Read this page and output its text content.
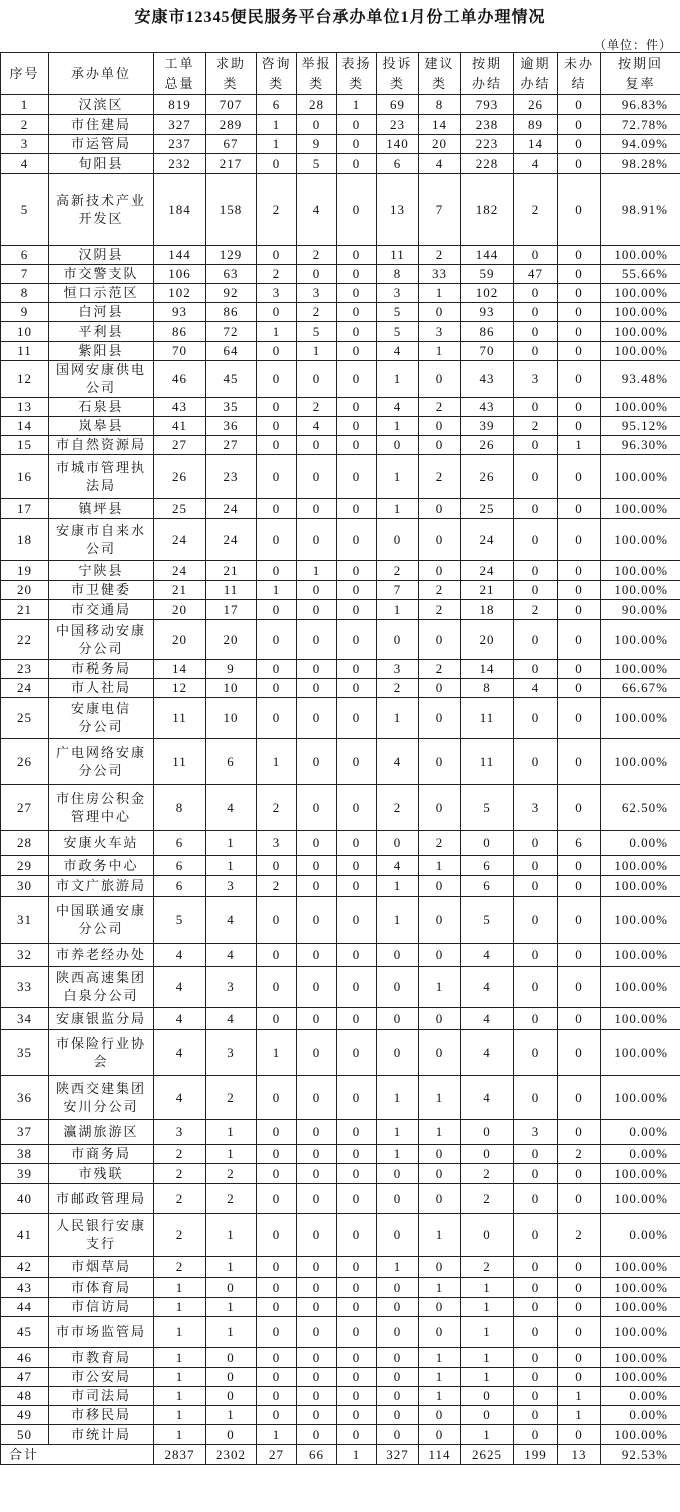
安康市12345便民服务平台承办单位1月份工单办理情况
（单位：件）
序号	承办单位	工单总量	求助类	咨询类	举报类	表扬类	投诉类	建议类	按期办结	逾期办结	未办结	按期回复率
1	汉滨区	819	707	6	28	1	69	8	793	26	0	96.83%
2	市住建局	327	289	1	0	0	23	14	238	89	0	72.78%
3	市运管局	237	67	1	9	0	140	20	223	14	0	94.09%
4	旬阳县	232	217	0	5	0	6	4	228	4	0	98.28%
5	高新技术产业开发区	184	158	2	4	0	13	7	182	2	0	98.91%
6	汉阴县	144	129	0	2	0	11	2	144	0	0	100.00%
7	市交警支队	106	63	2	0	0	8	33	59	47	0	55.66%
8	恒口示范区	102	92	3	3	0	3	1	102	0	0	100.00%
9	白河县	93	86	0	2	0	5	0	93	0	0	100.00%
10	平利县	86	72	1	5	0	5	3	86	0	0	100.00%
11	紫阳县	70	64	0	1	0	4	1	70	0	0	100.00%
12	国网安康供电公司	46	45	0	0	0	1	0	43	3	0	93.48%
13	石泉县	43	35	0	2	0	4	2	43	0	0	100.00%
14	岚皋县	41	36	0	4	0	1	0	39	2	0	95.12%
15	市自然资源局	27	27	0	0	0	0	0	26	0	1	96.30%
16	市城市管理执法局	26	23	0	0	0	1	2	26	0	0	100.00%
17	镇坪县	25	24	0	0	0	1	0	25	0	0	100.00%
18	安康市自来水公司	24	24	0	0	0	0	0	24	0	0	100.00%
19	宁陕县	24	21	0	1	0	2	0	24	0	0	100.00%
20	市卫健委	21	11	1	0	0	7	2	21	0	0	100.00%
21	市交通局	20	17	0	0	0	1	2	18	2	0	90.00%
22	中国移动安康分公司	20	20	0	0	0	0	0	20	0	0	100.00%
23	市税务局	14	9	0	0	0	3	2	14	0	0	100.00%
24	市人社局	12	10	0	0	0	2	0	8	4	0	66.67%
25	安康电信分公司	11	10	0	0	0	1	0	11	0	0	100.00%
26	广电网络安康分公司	11	6	1	0	0	4	0	11	0	0	100.00%
27	市住房公积金管理中心	8	4	2	0	0	2	0	5	3	0	62.50%
28	安康火车站	6	1	3	0	0	0	2	0	0	6	0.00%
29	市政务中心	6	1	0	0	0	4	1	6	0	0	100.00%
30	市文广旅游局	6	3	2	0	0	1	0	6	0	0	100.00%
31	中国联通安康分公司	5	4	0	0	0	1	0	5	0	0	100.00%
32	市养老经办处	4	4	0	0	0	0	0	4	0	0	100.00%
33	陕西高速集团白泉分公司	4	3	0	0	0	0	1	4	0	0	100.00%
34	安康银监分局	4	4	0	0	0	0	0	4	0	0	100.00%
35	市保险行业协会	4	3	1	0	0	0	0	4	0	0	100.00%
36	陕西交建集团安川分公司	4	2	0	0	0	1	1	4	0	0	100.00%
37	瀛湖旅游区	3	1	0	0	0	1	1	0	3	0	0.00%
38	市商务局	2	1	0	0	0	1	0	0	0	2	0.00%
39	市残联	2	2	0	0	0	0	0	2	0	0	100.00%
40	市邮政管理局	2	2	0	0	0	0	0	2	0	0	100.00%
41	人民银行安康支行	2	1	0	0	0	0	1	0	0	2	0.00%
42	市烟草局	2	1	0	0	0	1	0	2	0	0	100.00%
43	市体育局	1	0	0	0	0	0	1	1	0	0	100.00%
44	市信访局	1	1	0	0	0	0	0	1	0	0	100.00%
45	市市场监管局	1	1	0	0	0	0	0	1	0	0	100.00%
46	市教育局	1	0	0	0	0	0	1	1	0	0	100.00%
47	市公安局	1	0	0	0	0	0	1	1	0	0	100.00%
48	市司法局	1	0	0	0	0	0	1	0	0	1	0.00%
49	市移民局	1	1	0	0	0	0	0	0	0	1	0.00%
50	市统计局	1	0	1	0	0	0	0	1	0	0	100.00%
合计		2837	2302	27	66	1	327	114	2625	199	13	92.53%
